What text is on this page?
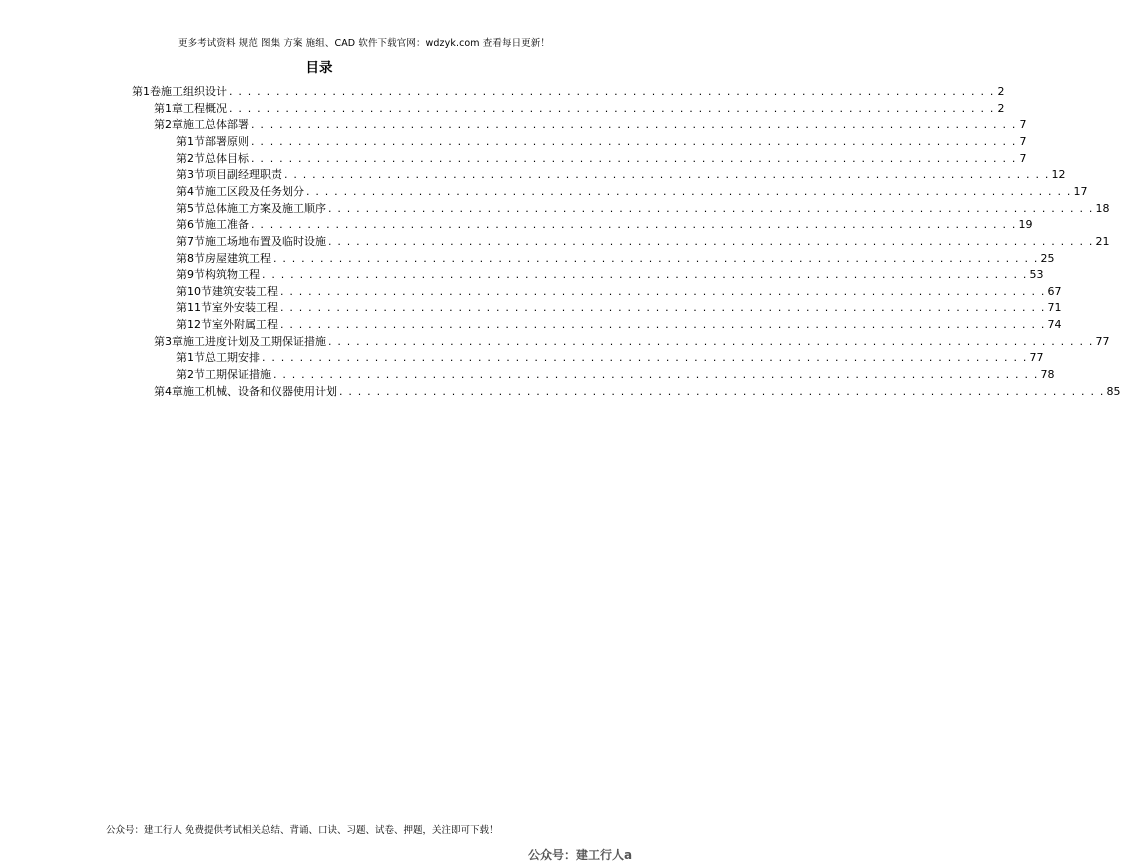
更多考试资料 规范 图集 方案 施组、CAD 软件下载官网：wdzyk.com 查看每日更新！
目录
第1卷 施工组织设计 . . . . . . . . . . . . . . . . . . . . . . . . . . . . . . . . . . . . . . . . . . . . . . . . . . . . . . . . . . . . . . . . . . . . . . . . . . . . . . . . . . 2
第1章 工程概况 . . . . . . . . . . . . . . . . . . . . . . . . . . . . . . . . . . . . . . . . . . . . . . . . . . . . . . . . . . . . . . . . . . . . . . . . . . . . . . . . . . 2
第2章 施工总体部署 . . . . . . . . . . . . . . . . . . . . . . . . . . . . . . . . . . . . . . . . . . . . . . . . . . . . . . . . . . . . . . . . . . . . . . . . . . . . . . . . . . 7
第1节 部署原则 . . . . . . . . . . . . . . . . . . . . . . . . . . . . . . . . . . . . . . . . . . . . . . . . . . . . . . . . . . . . . . . . . . . . . . . . . . . . . . . . . . 7
第2节 总体目标 . . . . . . . . . . . . . . . . . . . . . . . . . . . . . . . . . . . . . . . . . . . . . . . . . . . . . . . . . . . . . . . . . . . . . . . . . . . . . . . . . . 7
第3节 项目副经理职责 . . . . . . . . . . . . . . . . . . . . . . . . . . . . . . . . . . . . . . . . . . . . . . . . . . . . . . . . . . . . . . . . . . . . . . . . . . . . . . . . . . 12
第4节 施工区段及任务划分 . . . . . . . . . . . . . . . . . . . . . . . . . . . . . . . . . . . . . . . . . . . . . . . . . . . . . . . . . . . . . . . . . . . . . . . . . . . . . . . . . . 17
第5节 总体施工方案及施工顺序 . . . . . . . . . . . . . . . . . . . . . . . . . . . . . . . . . . . . . . . . . . . . . . . . . . . . . . . . . . . . . . . . . . . . . . . . . . . . . . . . . . 18
第6节 施工准备 . . . . . . . . . . . . . . . . . . . . . . . . . . . . . . . . . . . . . . . . . . . . . . . . . . . . . . . . . . . . . . . . . . . . . . . . . . . . . . . . . . 19
第7节 施工场地布置及临时设施 . . . . . . . . . . . . . . . . . . . . . . . . . . . . . . . . . . . . . . . . . . . . . . . . . . . . . . . . . . . . . . . . . . . . . . . . . . . . . . . . . . 21
第8节 房屋建筑工程 . . . . . . . . . . . . . . . . . . . . . . . . . . . . . . . . . . . . . . . . . . . . . . . . . . . . . . . . . . . . . . . . . . . . . . . . . . . . . . . . . . 25
第9节 构筑物工程 . . . . . . . . . . . . . . . . . . . . . . . . . . . . . . . . . . . . . . . . . . . . . . . . . . . . . . . . . . . . . . . . . . . . . . . . . . . . . . . . . . 53
第10节 建筑安装工程 . . . . . . . . . . . . . . . . . . . . . . . . . . . . . . . . . . . . . . . . . . . . . . . . . . . . . . . . . . . . . . . . . . . . . . . . . . . . . . . . . . 67
第11节 室外安装工程 . . . . . . . . . . . . . . . . . . . . . . . . . . . . . . . . . . . . . . . . . . . . . . . . . . . . . . . . . . . . . . . . . . . . . . . . . . . . . . . . . . 71
第12节 室外附属工程 . . . . . . . . . . . . . . . . . . . . . . . . . . . . . . . . . . . . . . . . . . . . . . . . . . . . . . . . . . . . . . . . . . . . . . . . . . . . . . . . . . 74
第3章 施工进度计划及工期保证措施 . . . . . . . . . . . . . . . . . . . . . . . . . . . . . . . . . . . . . . . . . . . . . . . . . . . . . . . . . . . . . . . . . . . . . . . . . . . . . . . . . . 77
第1节 总工期安排 . . . . . . . . . . . . . . . . . . . . . . . . . . . . . . . . . . . . . . . . . . . . . . . . . . . . . . . . . . . . . . . . . . . . . . . . . . . . . . . . . . 77
第2节 工期保证措施 . . . . . . . . . . . . . . . . . . . . . . . . . . . . . . . . . . . . . . . . . . . . . . . . . . . . . . . . . . . . . . . . . . . . . . . . . . . . . . . . . . 78
第4章 施工机械、设备和仪器使用计划 . . . . . . . . . . . . . . . . . . . . . . . . . . . . . . . . . . . . . . . . . . . . . . . . . . . . . . . . . . . . . . . . . . . . . . . . . . . . . . . . . . 85
公众号：建工行人 免费提供考试相关总结、背诵、口诀、习题、试卷、押题，关注即可下载！
公众号：建工行人a
